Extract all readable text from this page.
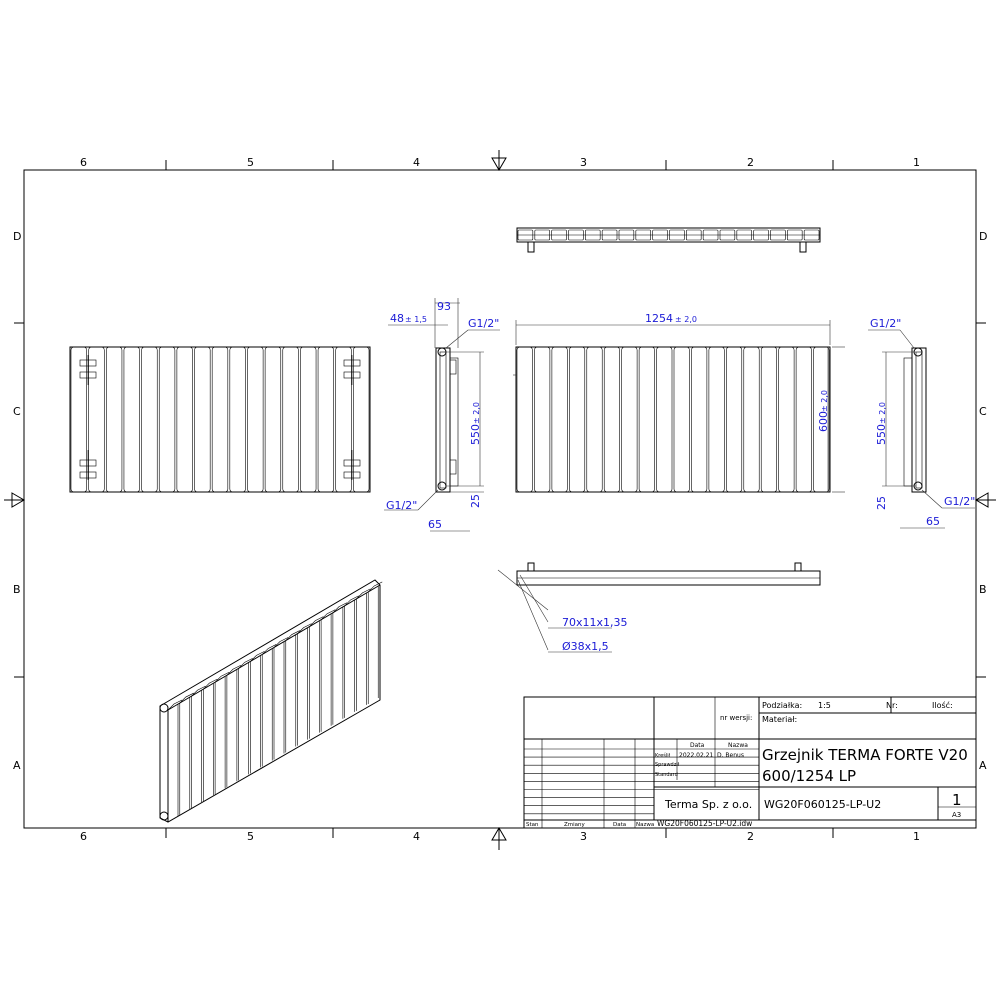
6
6
5
5
4
4
3
3
2
2
1
1
D	D
C	C
B	B
A	A
1254 ± 2,0
600
± 2,0
93
48 ± 1,5	G1/2"
550
± 2,0
25
G1/2"
65
550
± 2,0
25
G1/2"
G1/2"
65
70x11x1,35
Ø38x1,5
Podziałka: 1:5	Nr:	Ilość:
nr wersji: Materiał:
Data	Nazwa
Kreślił 2022.02.21 D. Benus
Sprawdził
Standard
Grzejnik TERMA FORTE V20
600/1254 LP
Terma Sp. z o.o. WG20F060125-LP-U2	1
A3
Stan	Zmiany	Data Nazwa WG20F060125-LP-U2.idw
